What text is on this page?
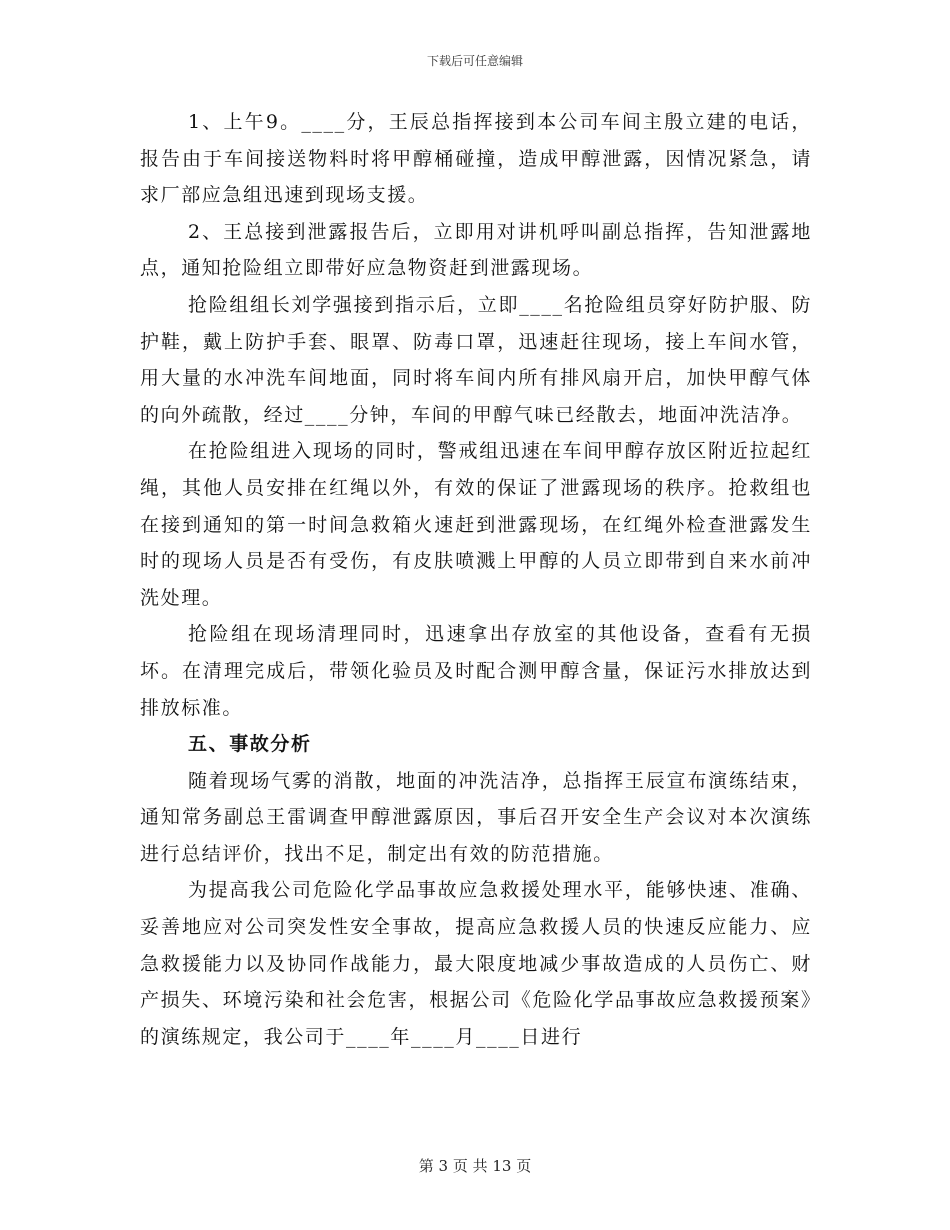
下载后可任意编辑

1、上午9。____分，王辰总指挥接到本公司车间主殷立建的电话，报告由于车间接送物料时将甲醇桶碰撞，造成甲醇泄露，因情况紧急，请求厂部应急组迅速到现场支援。

2、王总接到泄露报告后，立即用对讲机呼叫副总指挥，告知泄露地点，通知抢险组立即带好应急物资赶到泄露现场。

抢险组组长刘学强接到指示后，立即____名抢险组员穿好防护服、防护鞋，戴上防护手套、眼罩、防毒口罩，迅速赶往现场，接上车间水管，用大量的水冲洗车间地面，同时将车间内所有排风扇开启，加快甲醇气体的向外疏散，经过____分钟，车间的甲醇气味已经散去，地面冲洗洁净。

在抢险组进入现场的同时，警戒组迅速在车间甲醇存放区附近拉起红绳，其他人员安排在红绳以外，有效的保证了泄露现场的秩序。抢救组也在接到通知的第一时间急救箱火速赶到泄露现场，在红绳外检查泄露发生时的现场人员是否有受伤，有皮肤喷溅上甲醇的人员立即带到自来水前冲洗处理。

抢险组在现场清理同时，迅速拿出存放室的其他设备，查看有无损坏。在清理完成后，带领化验员及时配合测甲醇含量，保证污水排放达到排放标准。

五、事故分析

随着现场气雾的消散，地面的冲洗洁净，总指挥王辰宣布演练结束，通知常务副总王雷调查甲醇泄露原因，事后召开安全生产会议对本次演练进行总结评价，找出不足，制定出有效的防范措施。

为提高我公司危险化学品事故应急救援处理水平，能够快速、准确、妥善地应对公司突发性安全事故，提高应急救援人员的快速反应能力、应急救援能力以及协同作战能力，最大限度地减少事故造成的人员伤亡、财产损失、环境污染和社会危害，根据公司《危险化学品事故应急救援预案》的演练规定，我公司于____年____月____日进行

第 3 页 共 13 页
